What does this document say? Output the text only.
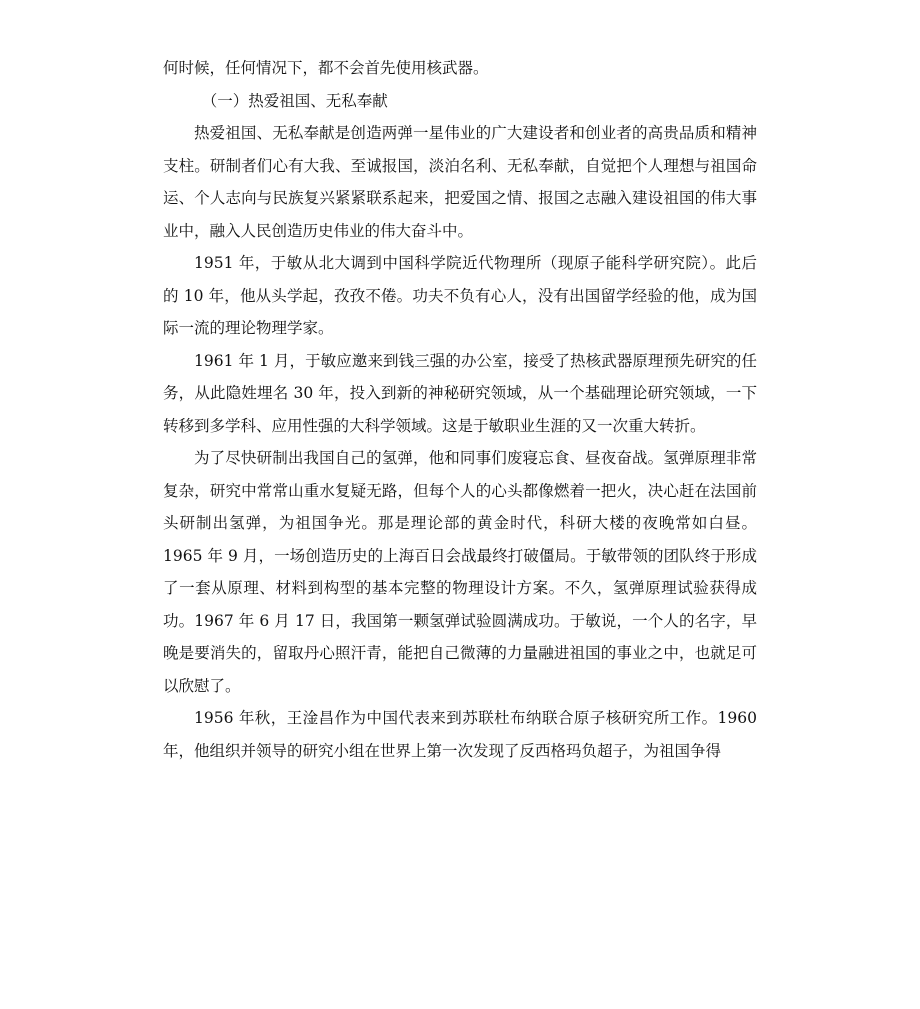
何时候，任何情况下，都不会首先使用核武器。

（一）热爱祖国、无私奉献

热爱祖国、无私奉献是创造两弹一星伟业的广大建设者和创业者的高贵品质和精神支柱。研制者们心有大我、至诚报国，淡泊名利、无私奉献，自觉把个人理想与祖国命运、个人志向与民族复兴紧紧联系起来，把爱国之情、报国之志融入建设祖国的伟大事业中，融入人民创造历史伟业的伟大奋斗中。

1951 年，于敏从北大调到中国科学院近代物理所（现原子能科学研究院）。此后的 10 年，他从头学起，孜孜不倦。功夫不负有心人，没有出国留学经验的他，成为国际一流的理论物理学家。

1961 年 1 月，于敏应邀来到钱三强的办公室，接受了热核武器原理预先研究的任务，从此隐姓埋名 30 年，投入到新的神秘研究领域，从一个基础理论研究领域，一下转移到多学科、应用性强的大科学领域。这是于敏职业生涯的又一次重大转折。

为了尽快研制出我国自己的氢弹，他和同事们废寝忘食、昼夜奋战。氢弹原理非常复杂，研究中常常山重水复疑无路，但每个人的心头都像燃着一把火，决心赶在法国前头研制出氢弹，为祖国争光。那是理论部的黄金时代，科研大楼的夜晚常如白昼。1965 年 9 月，一场创造历史的上海百日会战最终打破僵局。于敏带领的团队终于形成了一套从原理、材料到构型的基本完整的物理设计方案。不久，氢弹原理试验获得成功。1967 年 6 月 17 日，我国第一颗氢弹试验圆满成功。于敏说，一个人的名字，早晚是要消失的，留取丹心照汗青，能把自己微薄的力量融进祖国的事业之中，也就足可以欣慰了。

1956 年秋，王淦昌作为中国代表来到苏联杜布纳联合原子核研究所工作。1960 年，他组织并领导的研究小组在世界上第一次发现了反西格玛负超子，为祖国争得
